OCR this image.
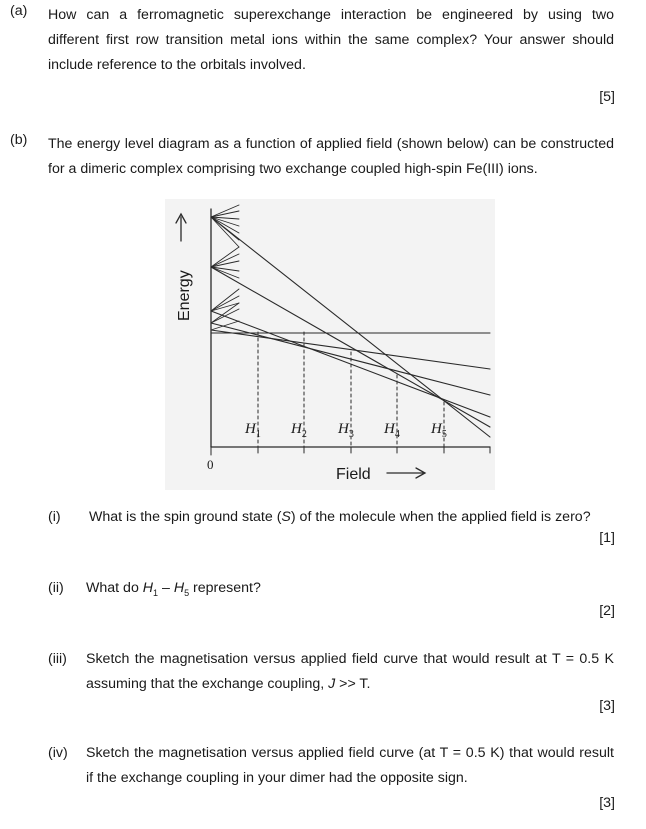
(a) How can a ferromagnetic superexchange interaction be engineered by using two
different first row transition metal ions within the same complex? Your answer should
include reference to the orbitals involved.
[5]
(b) The energy level diagram as a function of applied field (shown below) can be constructed
for a dimeric complex comprising two exchange coupled high-spin Fe(III) ions.
Energy
Field
0
$H_1$ $H_2$ $H_3$ $H_4$ $H_5$
(i) What is the spin ground state (S) of the molecule when the applied field is zero?
[1]
(ii) What do $H_1 - H_5$ represent?
[2]
(iii) Sketch the magnetisation versus applied field curve that would result at T = 0.5 K
assuming that the exchange coupling, J >> T.
[3]
(iv) Sketch the magnetisation versus applied field curve (at T = 0.5 K) that would result
if the exchange coupling in your dimer had the opposite sign.
[3]
